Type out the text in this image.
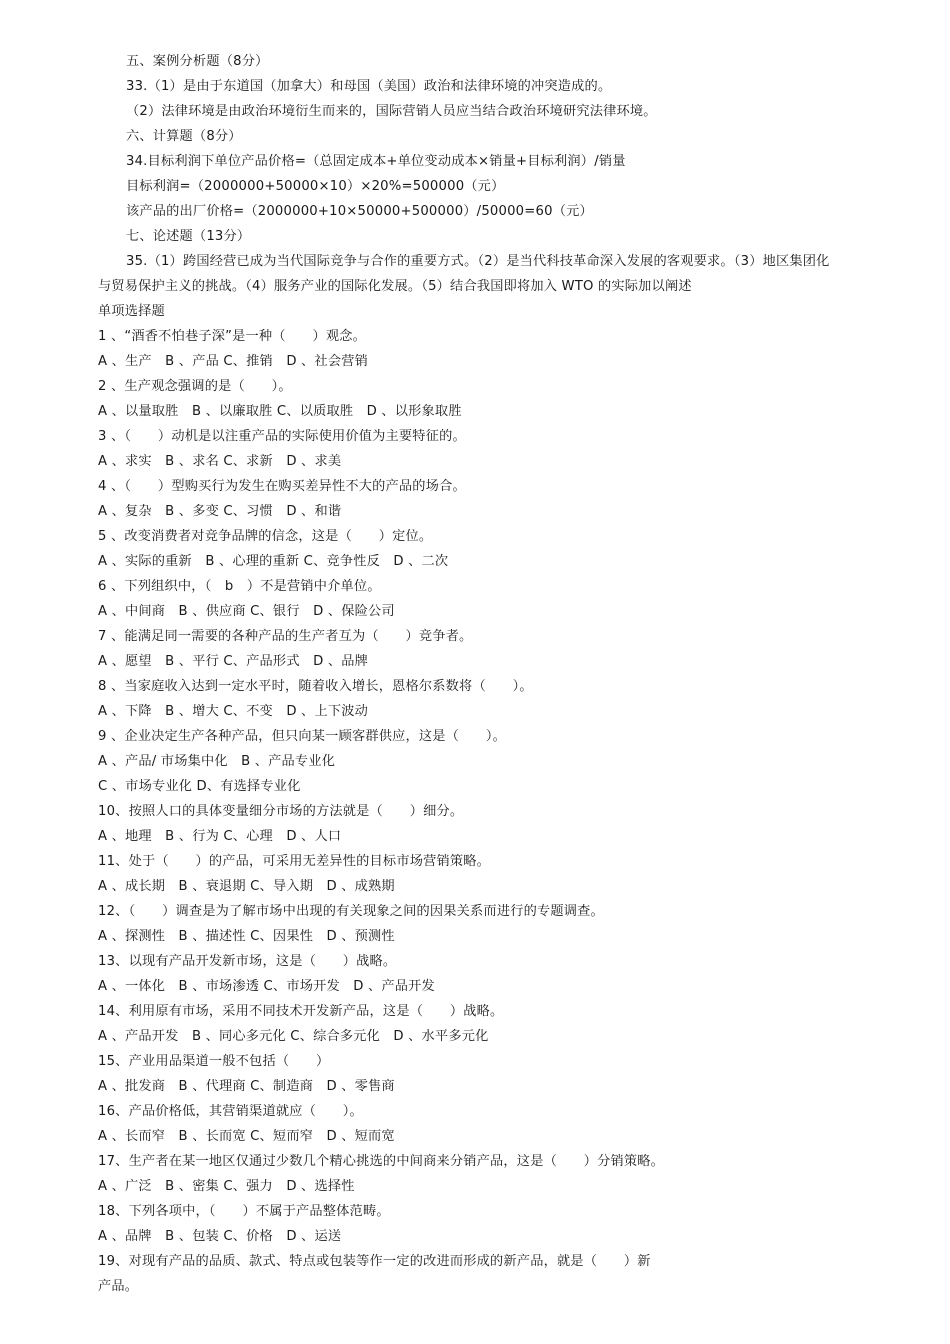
五、案例分析题（8分）
33.（1）是由于东道国（加拿大）和母国（美国）政治和法律环境的冲突造成的。
（2）法律环境是由政治环境衍生而来的，国际营销人员应当结合政治环境研究法律环境。
六、计算题（8分）
34.目标利润下单位产品价格=（总固定成本+单位变动成本×销量+目标利润）/销量
目标利润=（2000000+50000×10）×20%=500000（元）
该产品的出厂价格=（2000000+10×50000+500000）/50000=60（元）
七、论述题（13分）
35.（1）跨国经营已成为当代国际竞争与合作的重要方式。（2）是当代科技革命深入发展的客观要求。（3）地区集团化
与贸易保护主义的挑战。（4）服务产业的国际化发展。（5）结合我国即将加入 WTO 的实际加以阐述
单项选择题
1 、“酒香不怕巷子深”是一种（　　）观念。
A 、生产　B 、产品 C、推销　D 、社会营销
2 、生产观念强调的是（　　）。
A 、以量取胜　B 、以廉取胜 C、以质取胜　D 、以形象取胜
3 、（　　）动机是以注重产品的实际使用价值为主要特征的。
A 、求实　B 、求名 C、求新　D 、求美
4 、（　　）型购买行为发生在购买差异性不大的产品的场合。
A 、复杂　B 、多变 C、习惯　D 、和谐
5 、改变消费者对竞争品牌的信念，这是（　　）定位。
A 、实际的重新　B 、心理的重新 C、竞争性反　D 、二次
6 、下列组织中，（　b　）不是营销中介单位。
A 、中间商　B 、供应商 C、银行　D 、保险公司
7 、能满足同一需要的各种产品的生产者互为（　　）竞争者。
A 、愿望　B 、平行 C、产品形式　D 、品牌
8 、当家庭收入达到一定水平时，随着收入增长，恩格尔系数将（　　）。
A 、下降　B 、增大 C、不变　D 、上下波动
9 、企业决定生产各种产品，但只向某一顾客群供应，这是（　　）。
A 、产品/ 市场集中化　B 、产品专业化
C 、市场专业化 D、有选择专业化
10、按照人口的具体变量细分市场的方法就是（　　）细分。
A 、地理　B 、行为 C、心理　D 、人口
11、处于（　　）的产品，可采用无差异性的目标市场营销策略。
A 、成长期　B 、衰退期 C、导入期　D 、成熟期
12、（　　）调查是为了解市场中出现的有关现象之间的因果关系而进行的专题调查。
A 、探测性　B 、描述性 C、因果性　D 、预测性
13、以现有产品开发新市场，这是（　　）战略。
A 、一体化　B 、市场渗透 C、市场开发　D 、产品开发
14、利用原有市场，采用不同技术开发新产品，这是（　　）战略。
A 、产品开发　B 、同心多元化 C、综合多元化　D 、水平多元化
15、产业用品渠道一般不包括（　　）
A 、批发商　B 、代理商 C、制造商　D 、零售商
16、产品价格低，其营销渠道就应（　　）。
A 、长而窄　B 、长而宽 C、短而窄　D 、短而宽
17、生产者在某一地区仅通过少数几个精心挑选的中间商来分销产品，这是（　　）分销策略。
A 、广泛　B 、密集 C、强力　D 、选择性
18、下列各项中，（　　）不属于产品整体范畴。
A 、品牌　B 、包装 C、价格　D 、运送
19、对现有产品的品质、款式、特点或包装等作一定的改进而形成的新产品，就是（　　）新
产品。
